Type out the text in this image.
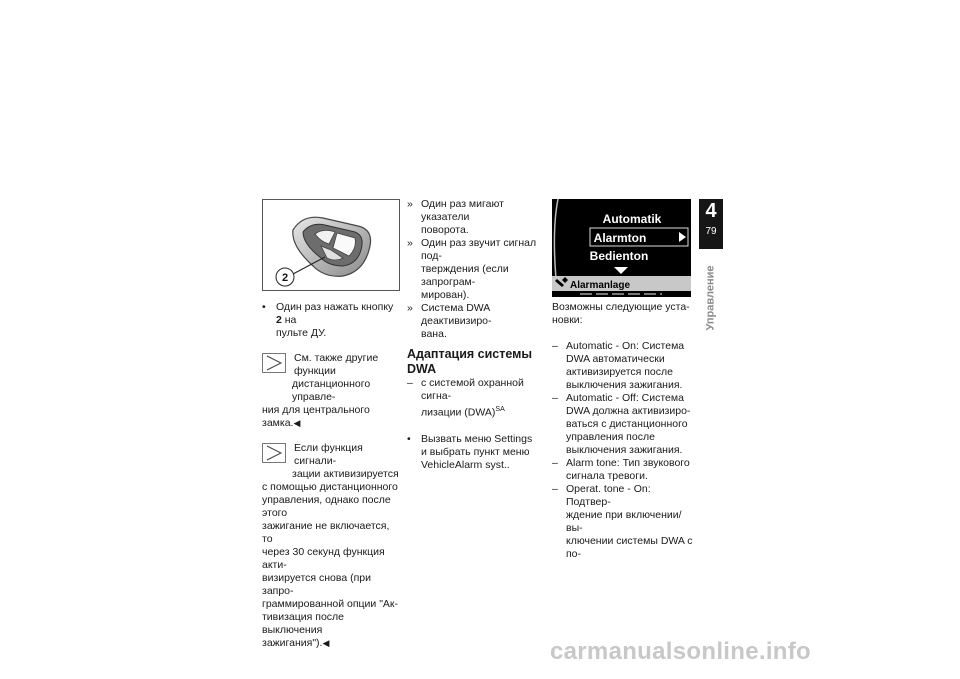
2

• Один раз нажать кнопку 2 на
пульте ДУ.

См. также другие функции

дистанционного управле-

ния для центрального замка.◀

Если функция сигнали-

зации активизируется

с помощью дистанционного

управления, однако после этого

зажигание не включается, то

через 30 секунд функция акти-

визируется снова (при запро-

граммированной опции "Ак-

тивизация после выключения

зажигания").◀

» Один раз мигают указатели

поворота.

» Один раз звучит сигнал под-

тверждения (если запрограм-

мирован).

» Система DWA деактивизиро-

вана.

Адаптация системы DWA
– с системой охранной сигна-

лизации (DWA)$^{SA}$

• Вызвать меню Settings

и выбрать пункт меню

VehicleAlarm syst..

Automatik
Alarmton
Bedienton
Alarmanlage

Возможны следующие уста-

новки:

– Automatic - On: Система

DWA автоматически

активизируется после

выключения зажигания.

– Automatic - Off: Система

DWA должна активизиро-

ваться с дистанционного

управления после

выключения зажигания.

– Alarm tone: Тип звукового

сигнала тревоги.

– Operat. tone - On: Подтвер-

ждение при включении/вы-

ключении системы DWA с по-

4
79
Управление
carmanualsonline.info
